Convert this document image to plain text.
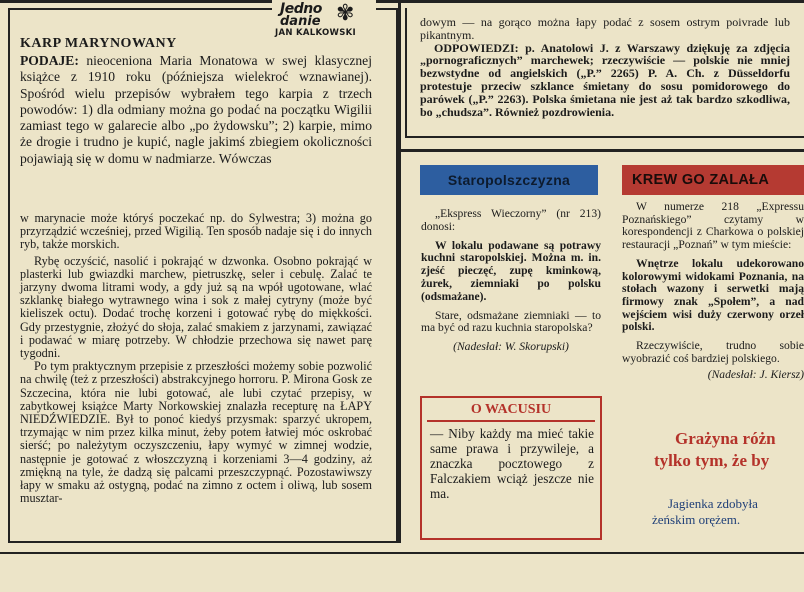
Jedno
danie ✾
JAN KALKOWSKI
KARP MARYNOWANY

PODAJE: nieoceniona Maria Monatowa w swej klasycznej książce z 1910 roku (późniejsza wielekroć wznawianej). Spośród wielu przepisów wybrałem tego karpia z trzech powodów: 1) dla odmiany można go podać na początku Wigilii zamiast tego w galarecie albo „po żydowsku”; 2) karpie, mimo że drogie i trudno je kupić, nagle jakimś zbiegiem okoliczności pojawiają się w domu w nadmiarze. Wówczas

w marynacie może któryś poczekać np. do Sylwestra; 3) można go przyrządzić wcześniej, przed Wigilią. Ten sposób nadaje się i do innych ryb, także morskich.

Rybę oczyścić, nasolić i pokrająć w dzwonka. Osobno pokrająć w plasterki lub gwiazdki marchew, pietruszkę, seler i cebulę. Zalać te jarzyny dwoma litrami wody, a gdy już są na wpół ugotowane, wlać szklankę białego wytrawnego wina i sok z małej cytryny (może być kieliszek octu). Dodać trochę korzeni i gotować rybę do miękkości. Gdy przestygnie, złożyć do słoja, zalać smakiem z jarzynami, zawiązać i podawać w miarę potrzeby. W chłodzie przechowa się nawet parę tygodni.

Po tym praktycznym przepisie z przeszłości możemy sobie pozwolić na chwilę (też z przeszłości) abstrakcyjnego horroru. P. Mirona Gosk ze Szczecina, która nie lubi gotować, ale lubi czytać przepisy, w zabytkowej książce Marty Norkowskiej znalazła recepturę na ŁAPY NIEDŹWIEDZIE. Był to ponoć kiedyś przysmak: sparzyć ukropem, trzymając w nim przez kilka minut, żeby potem łatwiej móc oskrobać sierść; po należytym oczyszczeniu, łapy wymyć w zimnej wodzie, następnie je gotować z włoszczyzną i korzeniami 3—4 godziny, aż zmiękną na tyle, że dadzą się palcami przeszczypnąć. Pozostawiwszy łapy w smaku aż ostygną, podać na zimno z octem i oliwą, lub sosem musztar-

dowym — na gorąco można łapy podać z sosem ostrym poivrade lub pikantnym.

ODPOWIEDZI: p. Anatolowi J. z Warszawy dziękuję za zdjęcia „pornograficznych” marchewek; rzeczywiście — polskie nie mniej bezwstydne od angielskich („P.” 2265) P. A. Ch. z Düsseldorfu protestuje przeciw szklance śmietany do sosu pomidorowego do parówek („P.” 2263). Polska śmietana nie jest aż tak bardzo szkodliwa, bo „chudsza”. Również pozdrowienia.

Staropolszczyzna

„Ekspress Wieczorny” (nr 213) donosi:

W lokalu podawane są potrawy kuchni staropolskiej. Można m. in. zjeść pieczęć, zupę kminkową, żurek, ziemniaki po polsku (odsmażane).

Stare, odsmażane ziemniaki — to ma być od razu kuchnia staropolska?

(Nadesłał: W. Skorupski)

O WACUSIU
— Niby każdy ma mieć takie same prawa i przywileje, a znaczka pocztowego z Falczakiem wciąż jeszcze nie ma.
KREW GO ZALAŁA

W numerze 218 „Expressu Poznańskiego” czytamy w korespondencji z Charkowa o polskiej restauracji „Poznań” w tym mieście:

Wnętrze lokalu udekorowano kolorowymi widokami Poznania, na stołach wazony i serwetki mają firmowy znak „Społem”, a nad wejściem wisi duży czerwony orzeł polski.

Rzeczywiście, trudno sobie wyobrazić coś bardziej polskiego.

(Nadesłał: J. Kiersz)

Grażyna różn
tylko tym, że by
Jagienka zdobyła
żeńskim orężem.
